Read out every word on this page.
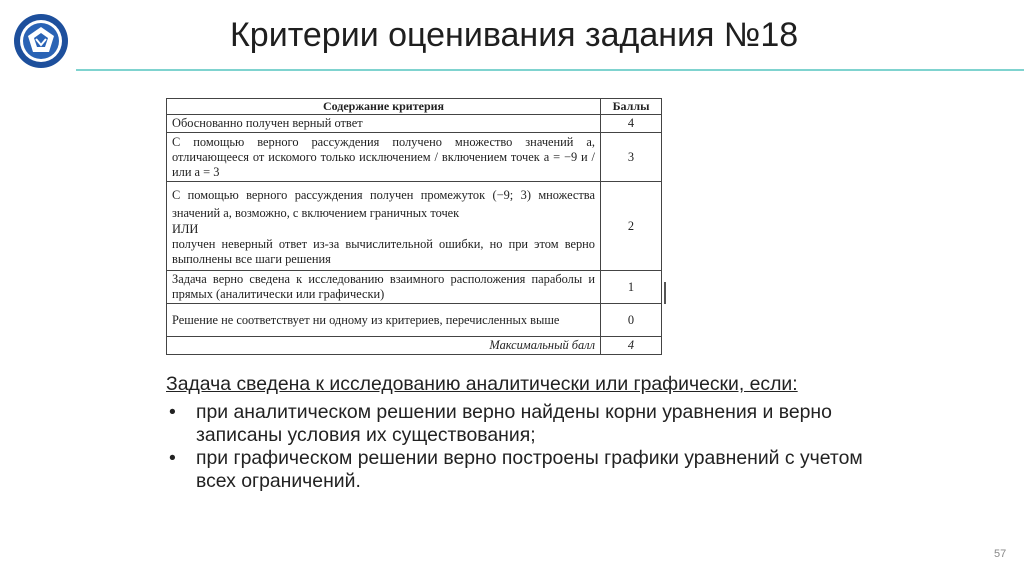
Критерии оценивания задания №18
Содержание критерия	Баллы
Обоснованно получен верный ответ	4
С помощью верного рассуждения получено множество значений a, отличающееся от искомого только исключением / включением точек a = −9 и / или a = 3	3

С помощью верного рассуждения получен промежуток (−9; 3) множества значений a, возможно, с включением граничных точек
ИЛИ
получен неверный ответ из-за вычислительной ошибки, но при этом верно выполнены все шаги решения	2
Задача верно сведена к исследованию взаимного расположения параболы и прямых (аналитически или графически)	1
Решение не соответствует ни одному из критериев, перечисленных выше	0
Максимальный балл	4
Задача сведена к исследованию аналитически или графически, если:
• при аналитическом решении верно найдены корни уравнения и верно записаны условия их существования;
• при графическом решении верно построены графики уравнений с учетом всех ограничений.
57
